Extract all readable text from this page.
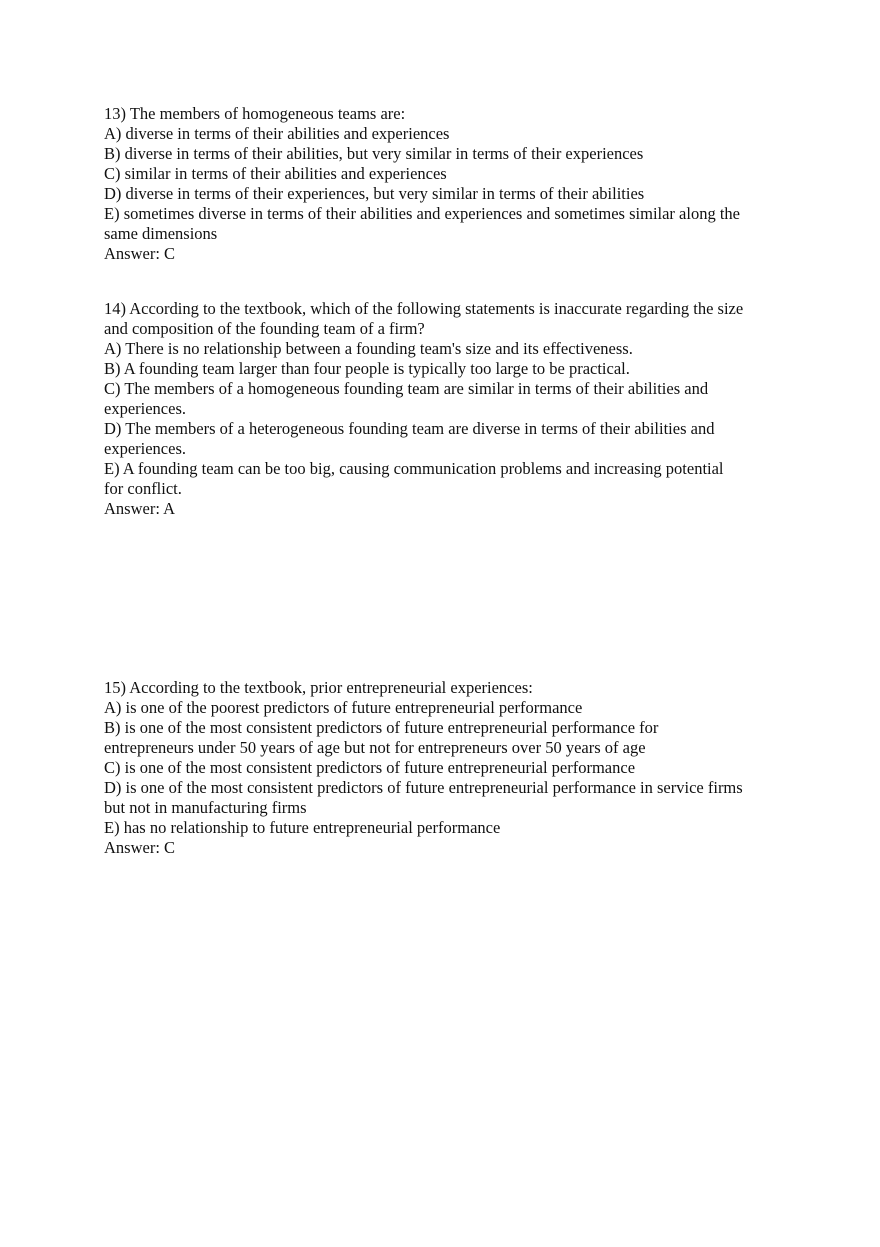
13) The members of homogeneous teams are:
A) diverse in terms of their abilities and experiences
B) diverse in terms of their abilities, but very similar in terms of their experiences
C) similar in terms of their abilities and experiences
D) diverse in terms of their experiences, but very similar in terms of their abilities
E) sometimes diverse in terms of their abilities and experiences and sometimes similar along the
same dimensions
Answer: C
14) According to the textbook, which of the following statements is inaccurate regarding the size
and composition of the founding team of a firm?
A) There is no relationship between a founding team's size and its effectiveness.
B) A founding team larger than four people is typically too large to be practical.
C) The members of a homogeneous founding team are similar in terms of their abilities and
experiences.
D) The members of a heterogeneous founding team are diverse in terms of their abilities and
experiences.
E) A founding team can be too big, causing communication problems and increasing potential
for conflict.
Answer: A
15) According to the textbook, prior entrepreneurial experiences:
A) is one of the poorest predictors of future entrepreneurial performance
B) is one of the most consistent predictors of future entrepreneurial performance for
entrepreneurs under 50 years of age but not for entrepreneurs over 50 years of age
C) is one of the most consistent predictors of future entrepreneurial performance
D) is one of the most consistent predictors of future entrepreneurial performance in service firms
but not in manufacturing firms
E) has no relationship to future entrepreneurial performance
Answer: C
